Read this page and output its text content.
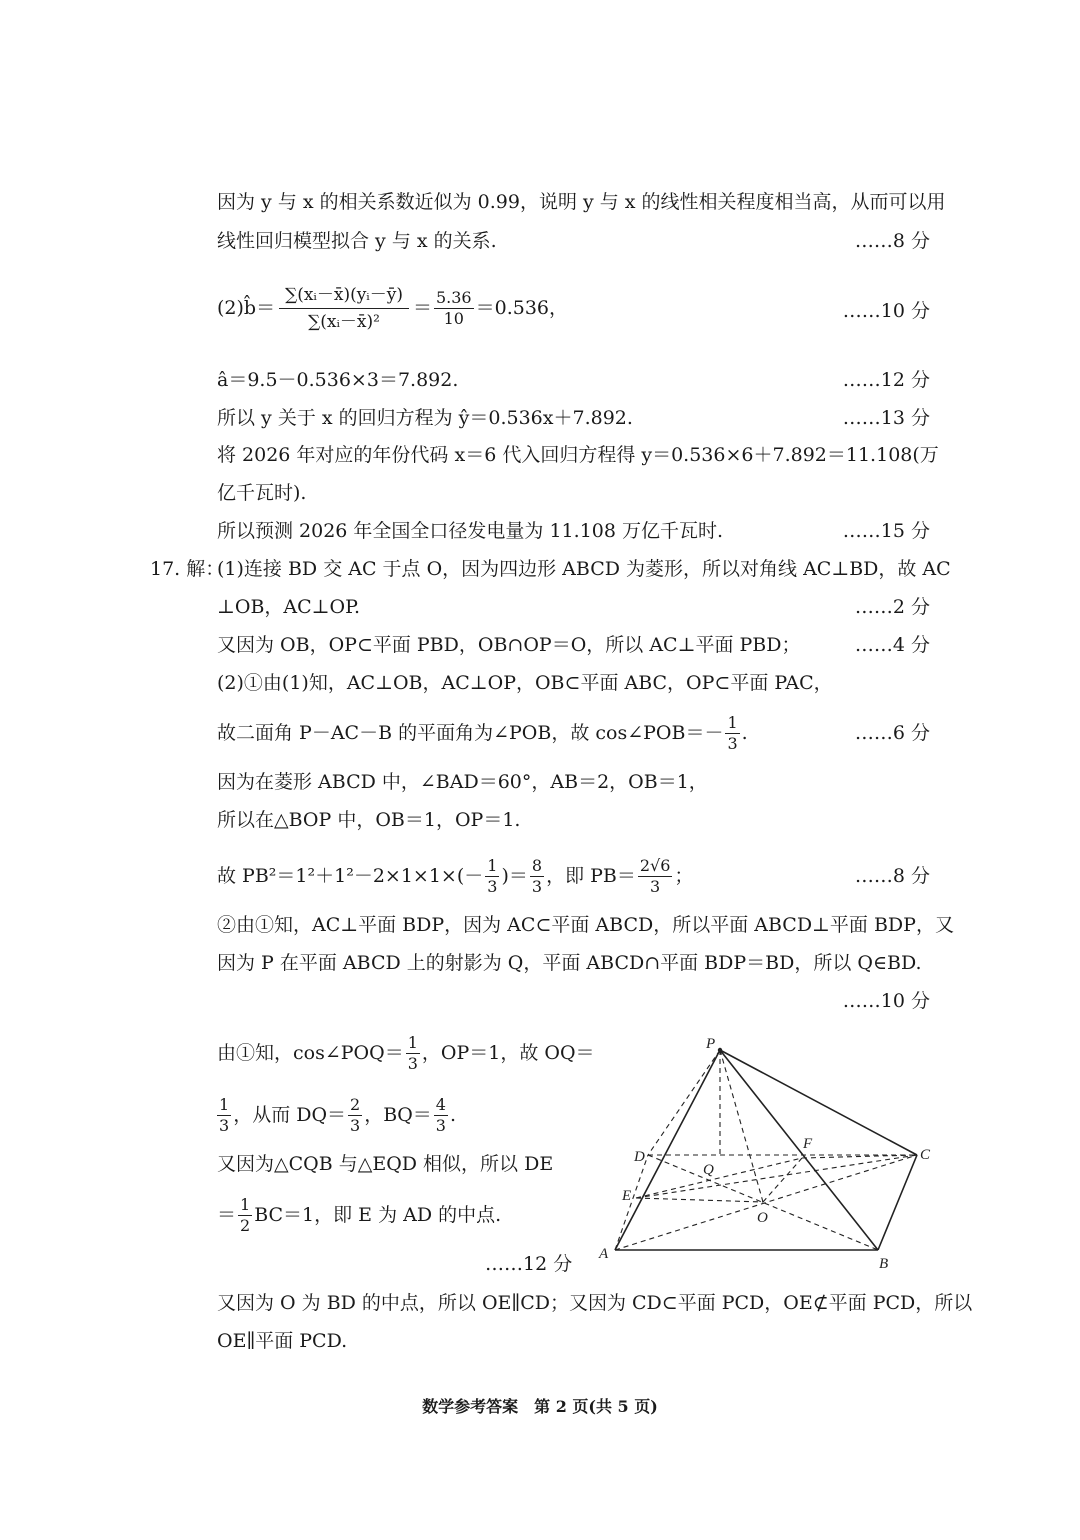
因为 y 与 x 的相关系数近似为 0.99，说明 y 与 x 的线性相关程度相当高，从而可以用
线性回归模型拟合 y 与 x 的关系.	……8 分
(2)b̂＝ $\frac{\text{∑(xᵢ－x̄)(yᵢ－ȳ)}}{\text{∑(xᵢ－x̄)²}} = \frac{5.36}{10} =0.536$，	……10 分
â＝9.5－0.536×3＝7.892.	……12 分
所以 y 关于 x 的回归方程为 ŷ＝0.536x＋7.892.	……13 分
将 2026 年对应的年份代码 x＝6 代入回归方程得 y＝0.536×6＋7.892＝11.108(万
亿千瓦时).
所以预测 2026 年全国全口径发电量为 11.108 万亿千瓦时.	……15 分
17. 解：
(1)连接 BD 交 AC 于点 O，因为四边形 ABCD 为菱形，所以对角线 AC⊥BD，故 AC
⊥OB，AC⊥OP.	……2 分
又因为 OB，OP⊂平面 PBD，OB∩OP＝O，所以 AC⊥平面 PBD；	……4 分
(2)①由(1)知，AC⊥OB，AC⊥OP，OB⊂平面 ABC，OP⊂平面 PAC，
故二面角 P－AC－B 的平面角为∠POB，故 cos∠POB＝－ $\frac{1}{3}$ .	……6 分
因为在菱形 ABCD 中，∠BAD＝60°，AB＝2，OB＝1，
所以在△BOP 中，OB＝1，OP＝1.
故 $PB^2=1^2+1^2-2\times 1\times 1\times(- \frac{1}{3}$ )＝ $\frac{8}{3}$ ，即 $PB= \frac{2√6}{3}$ ；	……8 分
②由①知，AC⊥平面 BDP，因为 AC⊂平面 ABCD，所以平面 ABCD⊥平面 BDP，又
因为 P 在平面 ABCD 上的射影为 Q，平面 ABCD∩平面 BDP＝BD，所以 Q∈BD.
……10 分
由①知，cos∠POQ＝ $\frac{1}{3}$ ，OP＝1，故 OQ＝
$\frac{1}{3}$ ，从而 $DQ= \frac{2}{3}$ ，$BQ= \frac{4}{3}$ .
又因为△CQB 与△EQD 相似，所以 DE
＝ $\frac{1}{2} BC=1$，即 E 为 AD 的中点.
……12 分
又因为 O 为 BD 的中点，所以 OE∥CD；又因为 CD⊂平面 PCD，OE⊄平面 PCD，所以
OE∥平面 PCD.
P
D
Q
F
C
E
O
A
B
数学参考答案　第 2 页(共 5 页)
